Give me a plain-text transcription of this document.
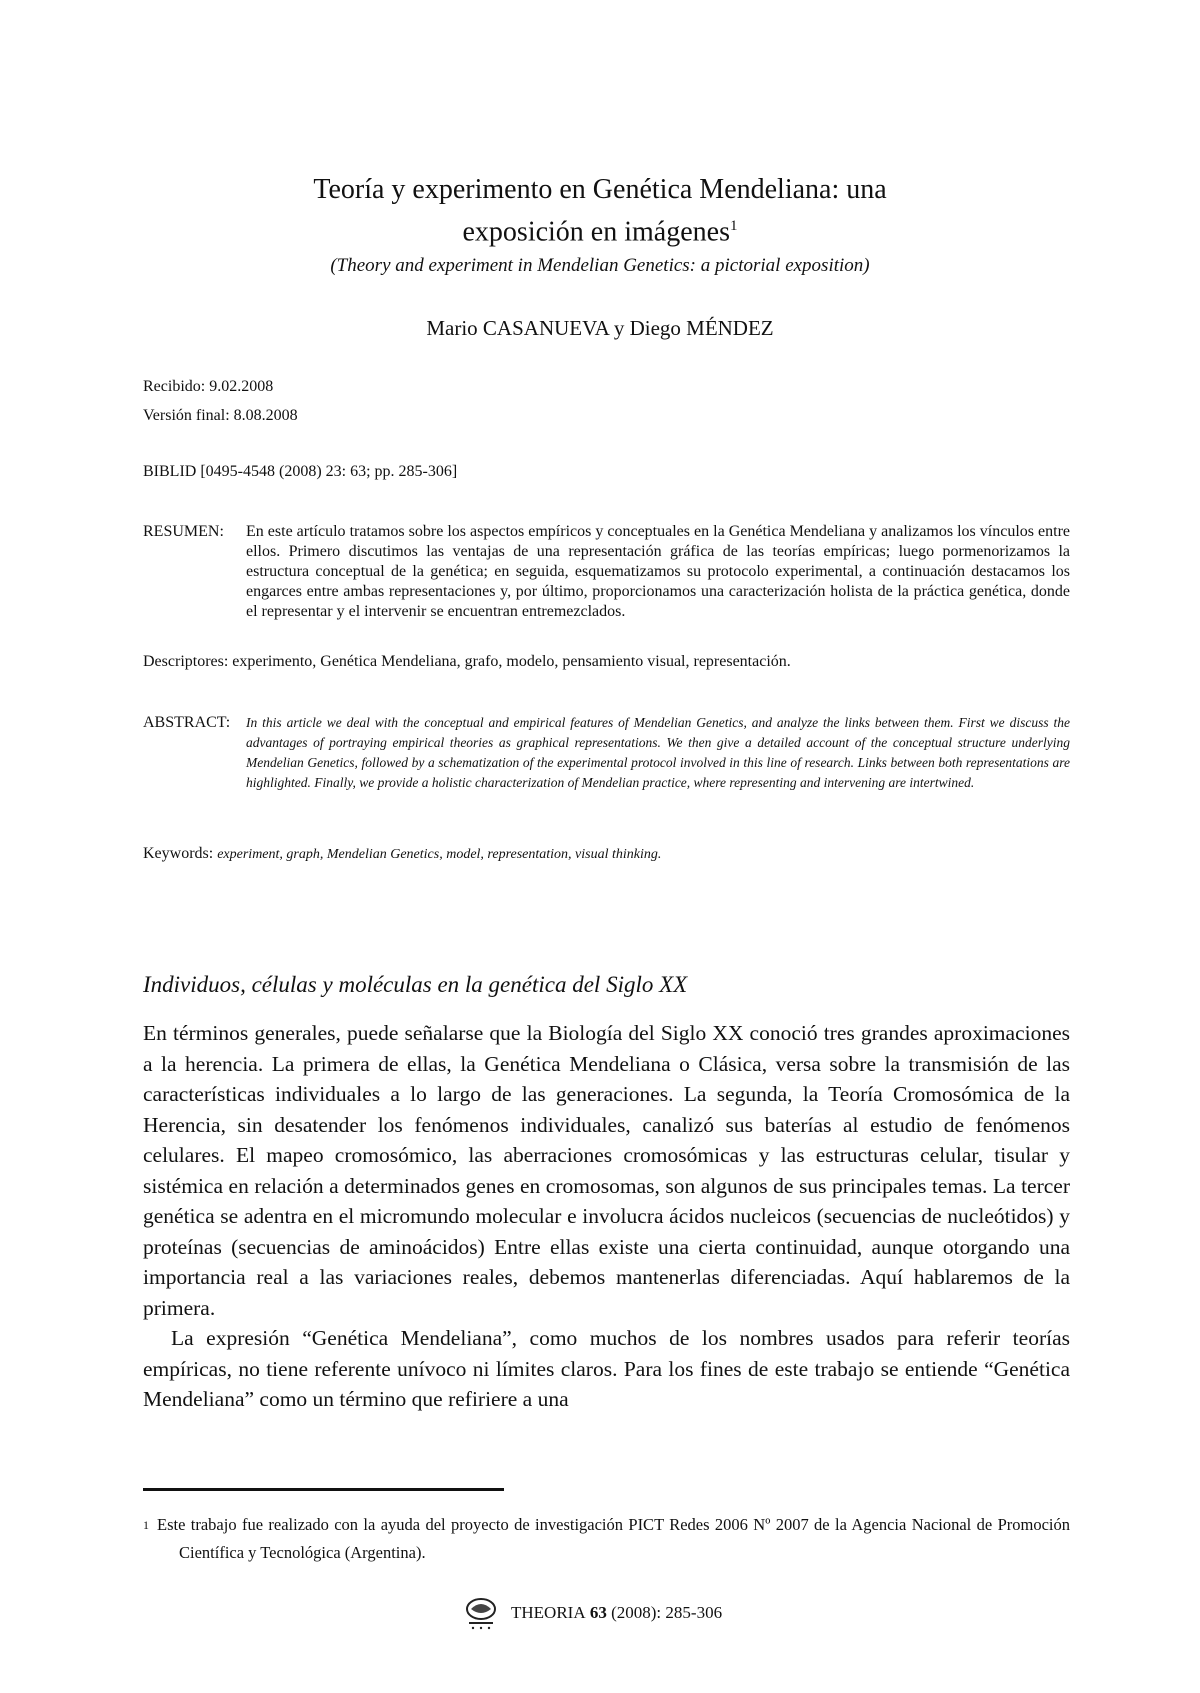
Teoría y experimento en Genética Mendeliana: una
exposición en imágenes$^1$
(Theory and experiment in Mendelian Genetics: a pictorial exposition)
Mario CASANUEVA y Diego MÉNDEZ
Recibido: 9.02.2008
Versión final: 8.08.2008
BIBLID [0495-4548 (2008) 23: 63; pp. 285-306]
RESUMEN:	En este artículo tratamos sobre los aspectos empíricos y conceptuales en la Genética Mendeliana y analizamos los vínculos entre ellos. Primero discutimos las ventajas de una representación gráfica de las teorías empíricas; luego pormenorizamos la estructura conceptual de la genética; en seguida, esquematizamos su protocolo experimental, a continuación destacamos los engarces entre ambas representaciones y, por último, proporcionamos una caracterización holista de la práctica genética, donde el representar y el intervenir se encuentran entremezclados.
Descriptores: experimento, Genética Mendeliana, grafo, modelo, pensamiento visual, representación.
ABSTRACT:	In this article we deal with the conceptual and empirical features of Mendelian Genetics, and analyze the links between them. First we discuss the advantages of portraying empirical theories as graphical representations. We then give a detailed account of the conceptual structure underlying Mendelian Genetics, followed by a schematization of the experimental protocol involved in this line of research. Links between both representations are highlighted. Finally, we provide a holistic characterization of Mendelian practice, where representing and intervening are intertwined.
Keywords: experiment, graph, Mendelian Genetics, model, representation, visual thinking.
Individuos, células y moléculas en la genética del Siglo XX

En términos generales, puede señalarse que la Biología del Siglo XX conoció tres grandes aproximaciones a la herencia. La primera de ellas, la Genética Mendeliana o Clásica, versa sobre la transmisión de las características individuales a lo largo de las generaciones. La segunda, la Teoría Cromosómica de la Herencia, sin desatender los fenómenos individuales, canalizó sus baterías al estudio de fenómenos celulares. El mapeo cromosómico, las aberraciones cromosómicas y las estructuras celular, tisular y sistémica en relación a determinados genes en cromosomas, son algunos de sus principales temas. La tercer genética se adentra en el micromundo molecular e involucra ácidos nucleicos (secuencias de nucleótidos) y proteínas (secuencias de aminoácidos) Entre ellas existe una cierta continuidad, aunque otorgando una importancia real a las variaciones reales, debemos mantenerlas diferenciadas. Aquí hablaremos de la primera.

La expresión “Genética Mendeliana”, como muchos de los nombres usados para referir teorías empíricas, no tiene referente unívoco ni límites claros. Para los fines de este trabajo se entiende “Genética Mendeliana” como un término que refiriere a una

1 Este trabajo fue realizado con la ayuda del proyecto de investigación PICT Redes 2006 Nº 2007 de la Agencia Nacional de Promoción Científica y Tecnológica (Argentina).
THEORIA
63
(2008): 285-306
